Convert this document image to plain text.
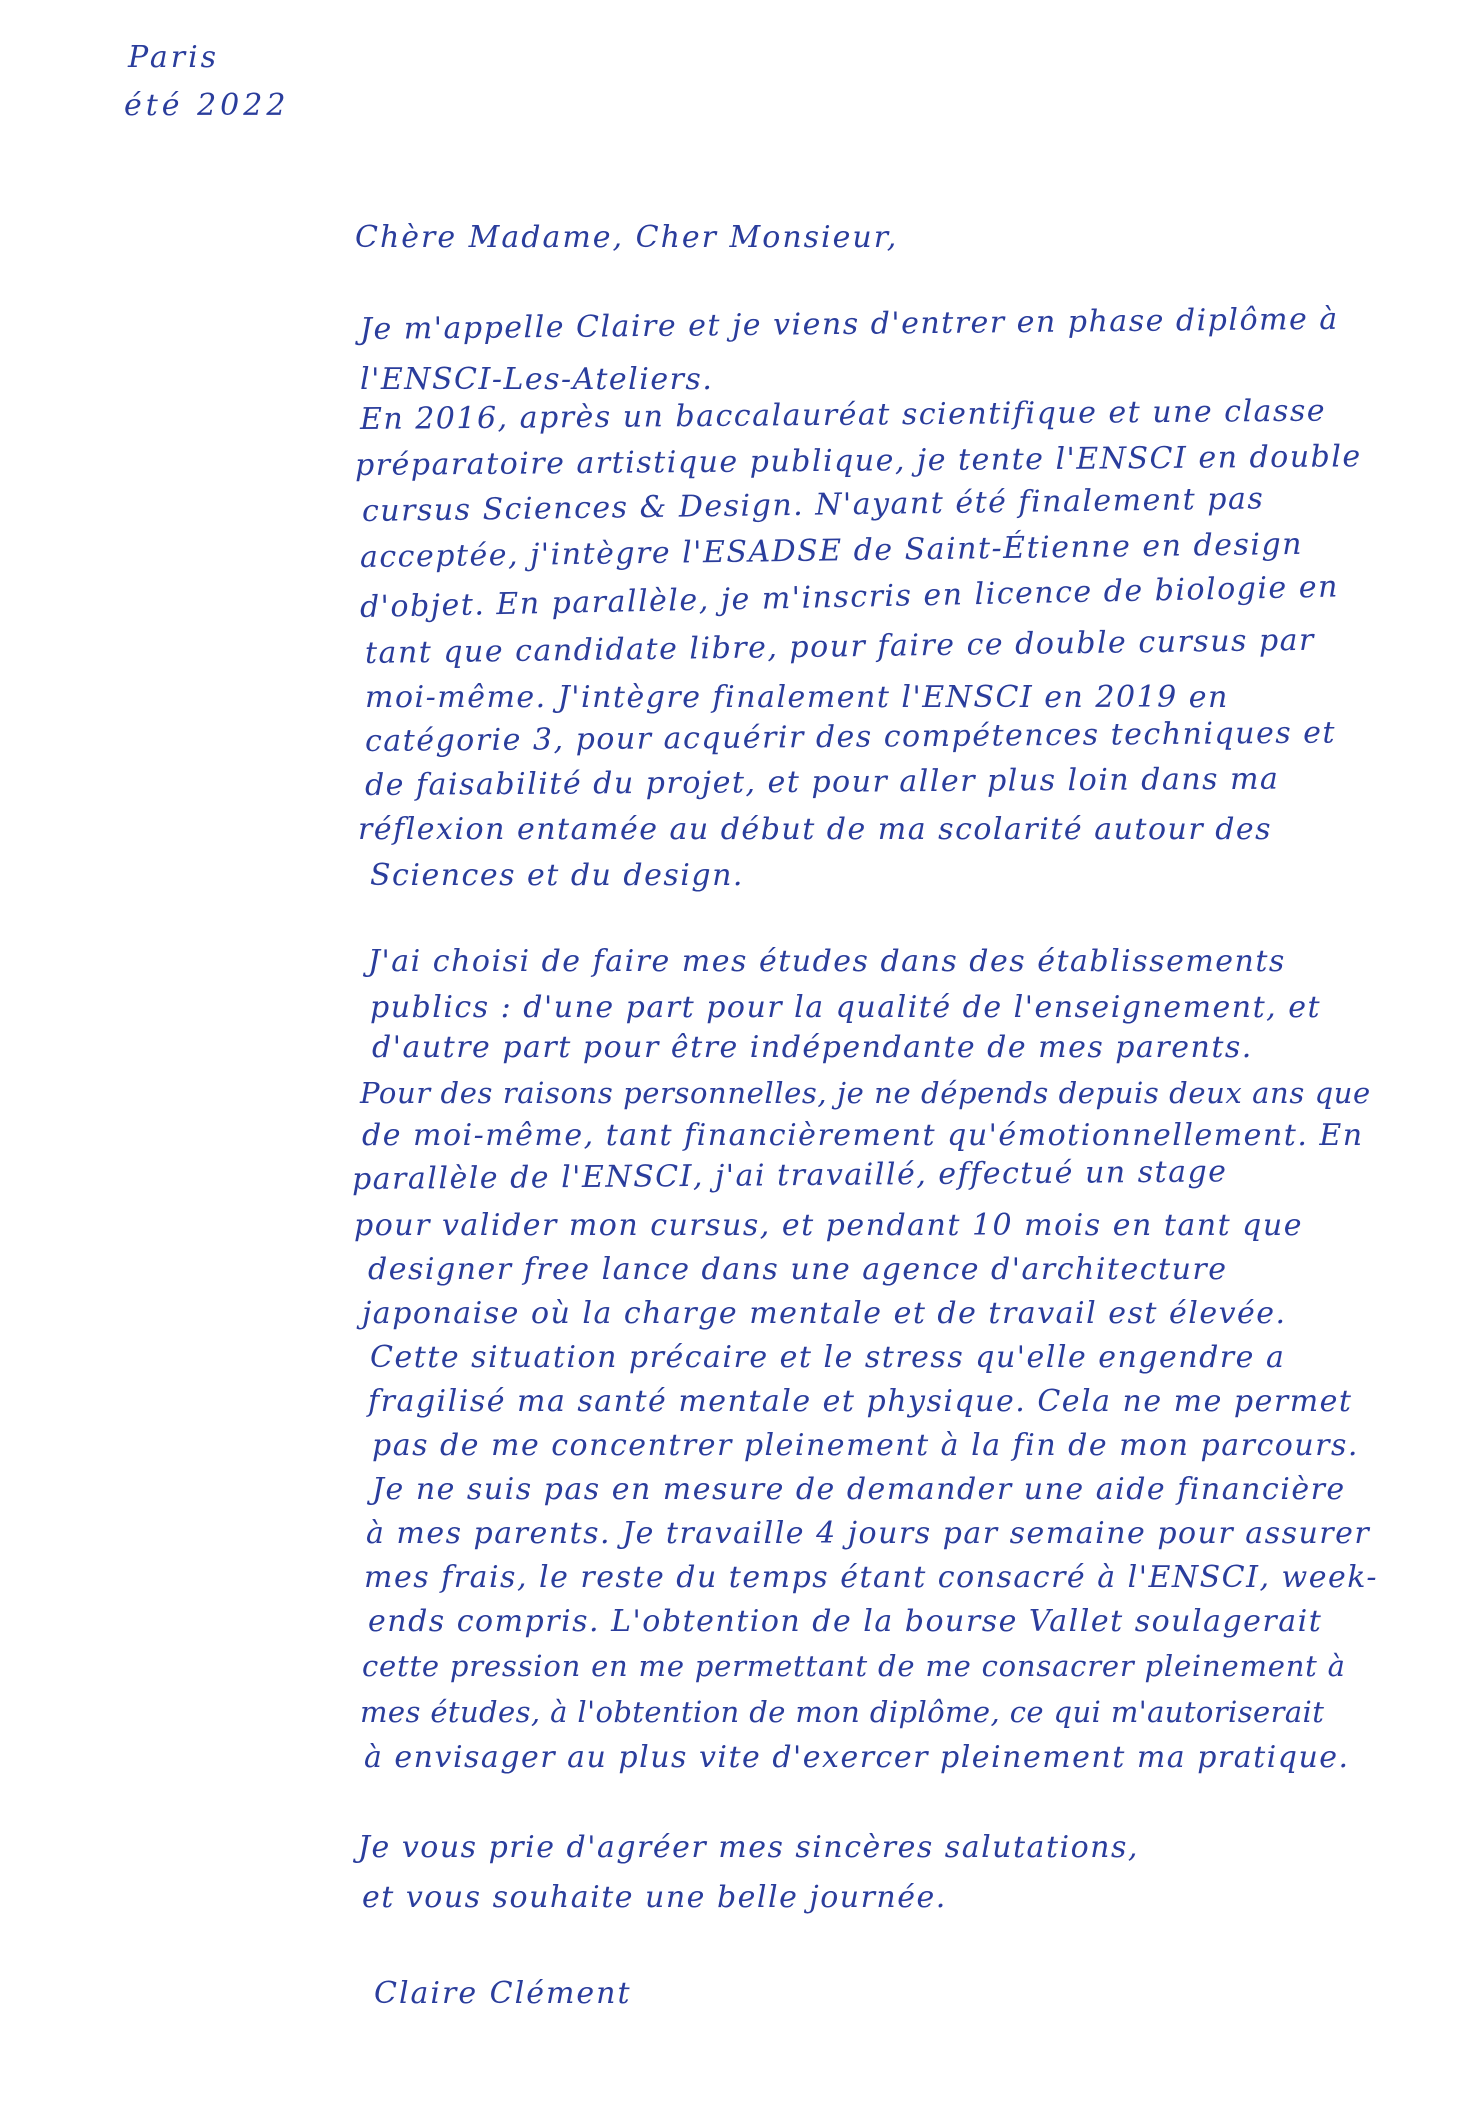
Paris
été 2022
Chère Madame, Cher Monsieur,
Je m'appelle Claire et je viens d'entrer en phase diplôme à
l'ENSCI-Les-Ateliers.
En 2016, après un baccalauréat scientifique et une classe
préparatoire artistique publique, je tente l'ENSCI en double
cursus Sciences & Design. N'ayant été finalement pas
acceptée, j'intègre l'ESADSE de Saint-Étienne en design
d'objet. En parallèle, je m'inscris en licence de biologie en
tant que candidate libre, pour faire ce double cursus par
moi-même. J'intègre finalement l'ENSCI en 2019 en
catégorie 3, pour acquérir des compétences techniques et
de faisabilité du projet, et pour aller plus loin dans ma
réflexion entamée au début de ma scolarité autour des
Sciences et du design.
J'ai choisi de faire mes études dans des établissements
publics : d'une part pour la qualité de l'enseignement, et
d'autre part pour être indépendante de mes parents.
Pour des raisons personnelles, je ne dépends depuis deux ans que
de moi-même, tant financièrement qu'émotionnellement. En
parallèle de l'ENSCI, j'ai travaillé, effectué un stage
pour valider mon cursus, et pendant 10 mois en tant que
designer free lance dans une agence d'architecture
japonaise où la charge mentale et de travail est élevée.
Cette situation précaire et le stress qu'elle engendre a
fragilisé ma santé mentale et physique. Cela ne me permet
pas de me concentrer pleinement à la fin de mon parcours.
Je ne suis pas en mesure de demander une aide financière
à mes parents. Je travaille 4 jours par semaine pour assurer
mes frais, le reste du temps étant consacré à l'ENSCI, week-
ends compris. L'obtention de la bourse Vallet soulagerait
cette pression en me permettant de me consacrer pleinement à
mes études, à l'obtention de mon diplôme, ce qui m'autoriserait
à envisager au plus vite d'exercer pleinement ma pratique.
Je vous prie d'agréer mes sincères salutations,
et vous souhaite une belle journée.
Claire Clément
